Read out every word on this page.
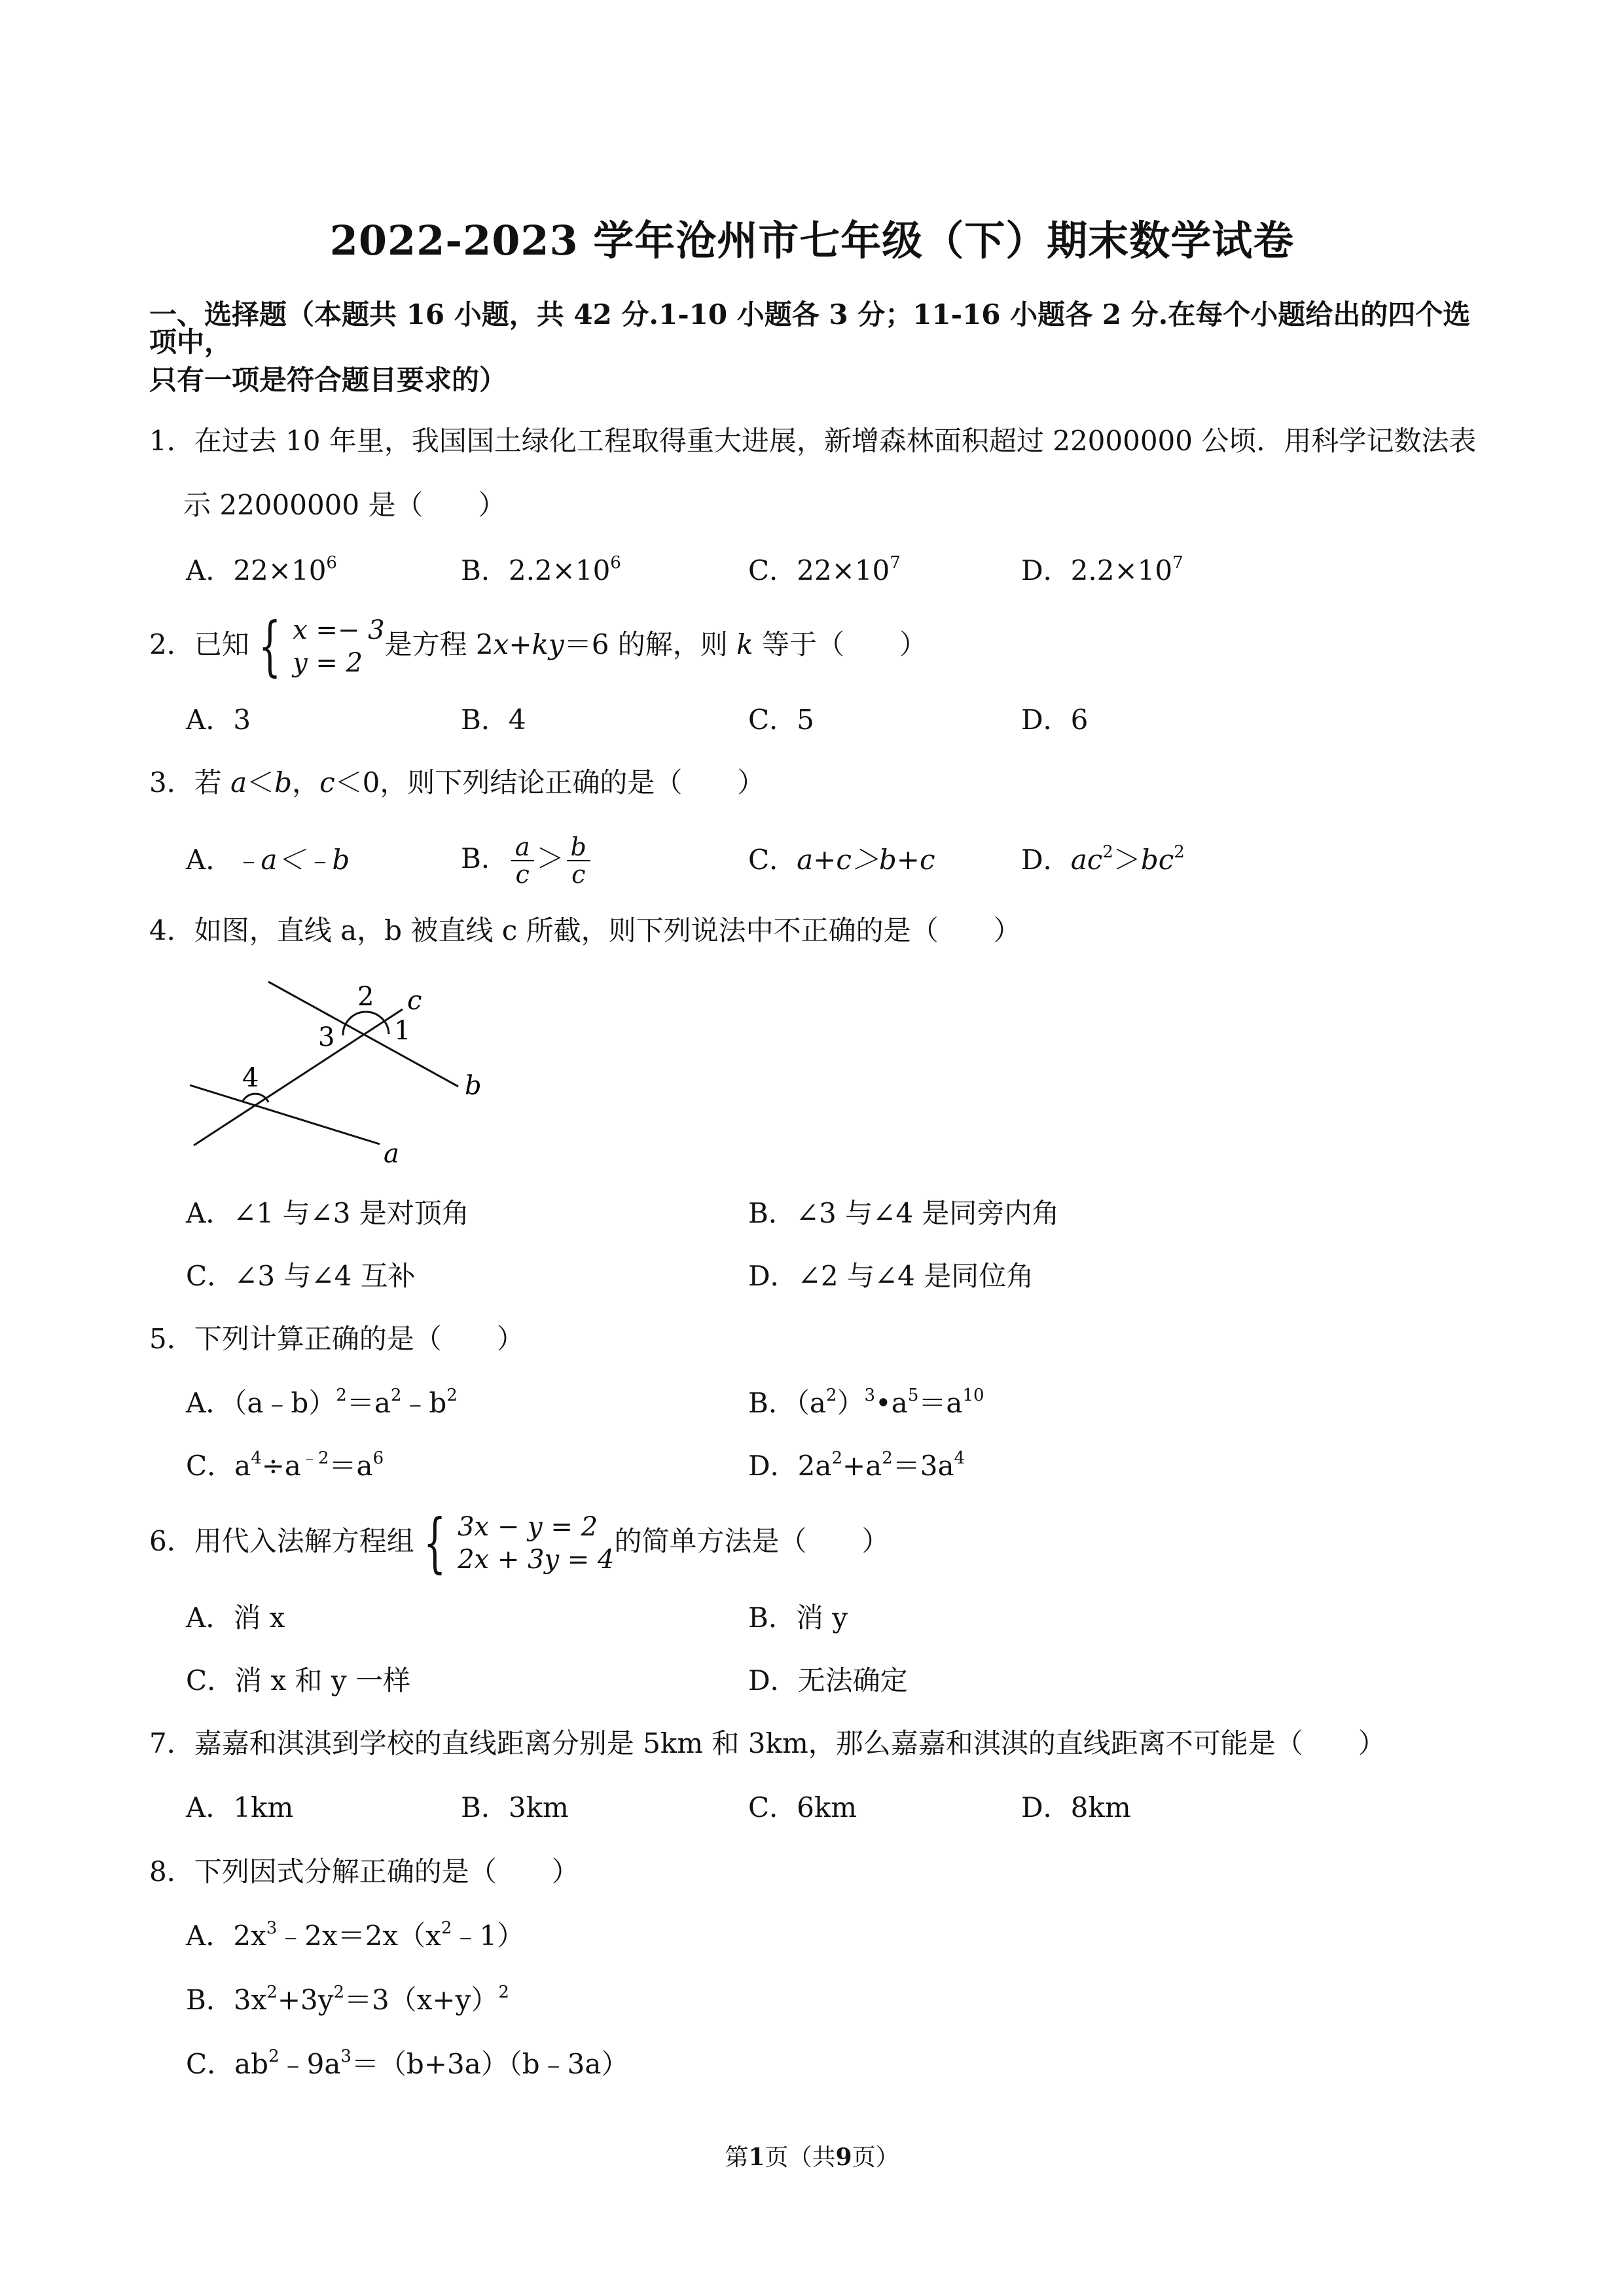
2022-2023 学年沧州市七年级（下）期末数学试卷
一、选择题（本题共 16 小题，共 42 分.1-10 小题各 3 分；11-16 小题各 2 分.在每个小题给出的四个选项中，
只有一项是符合题目要求的）
1．在过去 10 年里，我国国土绿化工程取得重大进展，新增森林面积超过 22000000 公顷．用科学记数法表
示 22000000 是（　　）
A．$22\times 10^6$	B．$2.2\times 10^6$	C．$22\times 10^7$	D．$2.2\times 10^7$
2．已知 { x =− 3
y = 2
是方程 2x+ky＝6 的解，则 k 等于（　　）
A．3	B．4	C．5	D．6
3．若 a＜b，c＜0，则下列结论正确的是（　　）
A．﹣a＜﹣b	B． $\frac{a}{c} > \frac{b}{c}$	C．a+c＞b+c	D．$ac^2>bc^2$
4．如图，直线 a，b 被直线 c 所截，则下列说法中不正确的是（　　）
2 c
3 1
4	b
a
A．∠1 与∠3 是对顶角	B．∠3 与∠4 是同旁内角
C．∠3 与∠4 互补	D．∠2 与∠4 是同位角
5．下列计算正确的是（　　）
A．$(a﹣b)^2=a^2﹣b^2$	B．$(a^2)^3•a^5=a^{10}$
C．$a^4\div a^{﹣2}=a^6$	D．$2a^2+a^2=3a^4$
6．用代入法解方程组 { 3x − y = 2
2x + 3y = 4
的简单方法是（　　）
A．消 x	B．消 y
C．消 x 和 y 一样	D．无法确定
7．嘉嘉和淇淇到学校的直线距离分别是 5km 和 3km，那么嘉嘉和淇淇的直线距离不可能是（　　）
A．1km	B．3km	C．6km	D．8km
8．下列因式分解正确的是（　　）
A．$2x^3﹣2x=2x(x^2﹣1)$
B．$3x^2+3y^2=3(x+y)^2$
C．$ab^2﹣9a^3=(b+3a)(b﹣3a)$
第1页（共9页）
